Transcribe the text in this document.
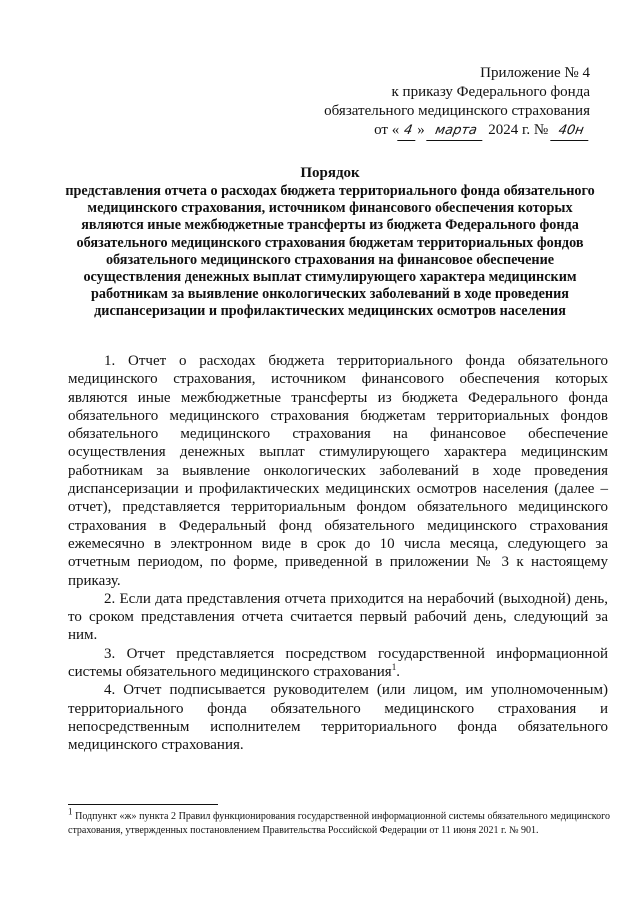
Приложение № 4
к приказу Федерального фонда
обязательного медицинского страхования
от « 4 » марта 2024 г. № 40н
Порядок
представления отчета о расходах бюджета территориального фонда обязательного медицинского страхования, источником финансового обеспечения которых являются иные межбюджетные трансферты из бюджета Федерального фонда обязательного медицинского страхования бюджетам территориальных фондов обязательного медицинского страхования на финансовое обеспечение осуществления денежных выплат стимулирующего характера медицинским работникам за выявление онкологических заболеваний в ходе проведения диспансеризации и профилактических медицинских осмотров населения

1. Отчет о расходах бюджета территориального фонда обязательного медицинского страхования, источником финансового обеспечения которых являются иные межбюджетные трансферты из бюджета Федерального фонда обязательного медицинского страхования бюджетам территориальных фондов обязательного медицинского страхования на финансовое обеспечение осуществления денежных выплат стимулирующего характера медицинским работникам за выявление онкологических заболеваний в ходе проведения диспансеризации и профилактических медицинских осмотров населения (далее – отчет), представляется территориальным фондом обязательного медицинского страхования в Федеральный фонд обязательного медицинского страхования ежемесячно в электронном виде в срок до 10 числа месяца, следующего за отчетным периодом, по форме, приведенной в приложении № 3 к настоящему приказу.

2. Если дата представления отчета приходится на нерабочий (выходной) день, то сроком представления отчета считается первый рабочий день, следующий за ним.

3. Отчет представляется посредством государственной информационной системы обязательного медицинского страхования$^1$.

4. Отчет подписывается руководителем (или лицом, им уполномоченным) территориального фонда обязательного медицинского страхования и непосредственным исполнителем территориального фонда обязательного медицинского страхования.

$^1$ Подпункт «ж» пункта 2 Правил функционирования государственной информационной системы обязательного медицинского страхования, утвержденных постановлением Правительства Российской Федерации от 11 июня 2021 г. № 901.
